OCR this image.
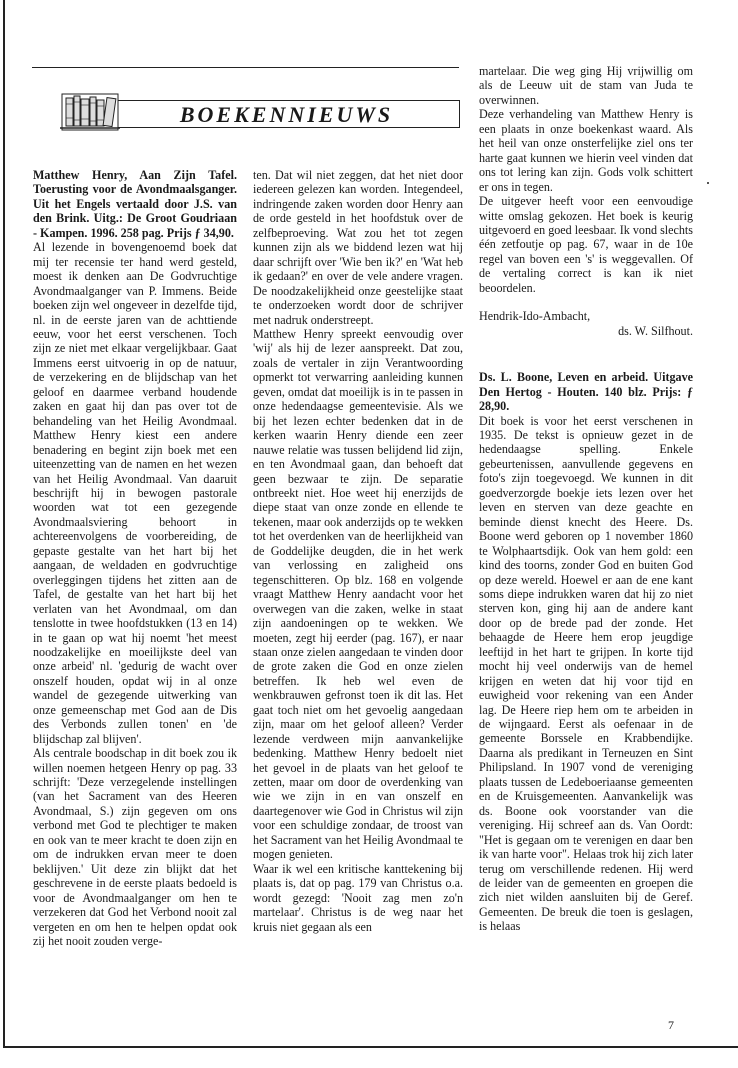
BOEKENNIEUWS

Matthew Henry, Aan Zijn Tafel. Toerusting voor de Avondmaalsganger. Uit het Engels vertaald door J.S. van den Brink. Uitg.: De Groot Goudriaan - Kampen. 1996. 258 pag. Prijs ƒ 34,90.

Al lezende in bovengenoemd boek dat mij ter recensie ter hand werd gesteld, moest ik denken aan De Godvruchtige Avondmaalganger van P. Immens. Beide boeken zijn wel ongeveer in dezelfde tijd, nl. in de eerste jaren van de achttiende eeuw, voor het eerst verschenen. Toch zijn ze niet met elkaar vergelijkbaar. Gaat Immens eerst uitvoerig in op de natuur, de verzekering en de blijdschap van het geloof en daarmee verband houdende zaken en gaat hij dan pas over tot de behandeling van het Heilig Avondmaal. Matthew Henry kiest een andere benadering en begint zijn boek met een uiteenzetting van de namen en het wezen van het Heilig Avondmaal. Van daaruit beschrijft hij in bewogen pastorale woorden wat tot een gezegende Avondmaalsviering behoort in achtereenvolgens de voorbereiding, de gepaste gestalte van het hart bij het aangaan, de weldaden en godvruchtige overleggingen tijdens het zitten aan de Tafel, de gestalte van het hart bij het verlaten van het Avondmaal, om dan tenslotte in twee hoofdstukken (13 en 14) in te gaan op wat hij noemt 'het meest noodzakelijke en moeilijkste deel van onze arbeid' nl. 'gedurig de wacht over onszelf houden, opdat wij in al onze wandel de gezegende uitwerking van onze gemeenschap met God aan de Dis des Verbonds zullen tonen' en 'de blijdschap zal blijven'.

Als centrale boodschap in dit boek zou ik willen noemen hetgeen Henry op pag. 33 schrijft: 'Deze verzegelende instellingen (van het Sacrament van des Heeren Avondmaal, S.) zijn gegeven om ons verbond met God te plechtiger te maken en ook van te meer kracht te doen zijn en om de indrukken ervan meer te doen beklijven.' Uit deze zin blijkt dat het geschrevene in de eerste plaats bedoeld is voor de Avondmaalganger om hen te verzekeren dat God het Verbond nooit zal vergeten en om hen te helpen opdat ook zij het nooit zouden verge-

ten. Dat wil niet zeggen, dat het niet door iedereen gelezen kan worden. Integendeel, indringende zaken worden door Henry aan de orde gesteld in het hoofdstuk over de zelfbeproeving. Wat zou het tot zegen kunnen zijn als we biddend lezen wat hij daar schrijft over 'Wie ben ik?' en 'Wat heb ik gedaan?' en over de vele andere vragen. De noodzakelijkheid onze geestelijke staat te onderzoeken wordt door de schrijver met nadruk onderstreept.

Matthew Henry spreekt eenvoudig over 'wij' als hij de lezer aanspreekt. Dat zou, zoals de vertaler in zijn Verantwoording opmerkt tot verwarring aanleiding kunnen geven, omdat dat moeilijk is in te passen in onze hedendaagse gemeentevisie. Als we bij het lezen echter bedenken dat in de kerken waarin Henry diende een zeer nauwe relatie was tussen belijdend lid zijn, en ten Avondmaal gaan, dan behoeft dat geen bezwaar te zijn. De separatie ontbreekt niet. Hoe weet hij enerzijds de diepe staat van onze zonde en ellende te tekenen, maar ook anderzijds op te wekken tot het overdenken van de heerlijkheid van de Goddelijke deugden, die in het werk van verlossing en zaligheid ons tegenschitteren. Op blz. 168 en volgende vraagt Matthew Henry aandacht voor het overwegen van die zaken, welke in staat zijn aandoeningen op te wekken. We moeten, zegt hij eerder (pag. 167), er naar staan onze zielen aangedaan te vinden door de grote zaken die God en onze zielen betreffen. Ik heb wel even de wenkbrauwen gefronst toen ik dit las. Het gaat toch niet om het gevoelig aangedaan zijn, maar om het geloof alleen? Verder lezende verdween mijn aanvankelijke bedenking. Matthew Henry bedoelt niet het gevoel in de plaats van het geloof te zetten, maar om door de overdenking van wie we zijn in en van onszelf en daartegenover wie God in Christus wil zijn voor een schuldige zondaar, de troost van het Sacrament van het Heilig Avondmaal te mogen genieten.

Waar ik wel een kritische kanttekening bij plaats is, dat op pag. 179 van Christus o.a. wordt gezegd: 'Nooit zag men zo'n martelaar'. Christus is de weg naar het kruis niet gegaan als een

martelaar. Die weg ging Hij vrijwillig om als de Leeuw uit de stam van Juda te overwinnen.

Deze verhandeling van Matthew Henry is een plaats in onze boekenkast waard. Als het heil van onze onsterfelijke ziel ons ter harte gaat kunnen we hierin veel vinden dat ons tot lering kan zijn. Gods volk schittert er ons in tegen.

De uitgever heeft voor een eenvoudige witte omslag gekozen. Het boek is keurig uitgevoerd en goed leesbaar. Ik vond slechts één zetfoutje op pag. 67, waar in de 10e regel van boven een 's' is weggevallen. Of de vertaling correct is kan ik niet beoordelen.

Hendrik-Ido-Ambacht,

ds. W. Silfhout.

Ds. L. Boone, Leven en arbeid. Uitgave Den Hertog - Houten. 140 blz. Prijs: ƒ 28,90.

Dit boek is voor het eerst verschenen in 1935. De tekst is opnieuw gezet in de hedendaagse spelling. Enkele gebeurtenissen, aanvullende gegevens en foto's zijn toegevoegd. We kunnen in dit goedverzorgde boekje iets lezen over het leven en sterven van deze geachte en beminde dienst knecht des Heere. Ds. Boone werd geboren op 1 november 1860 te Wolphaartsdijk. Ook van hem gold: een kind des toorns, zonder God en buiten God op deze wereld. Hoewel er aan de ene kant soms diepe indrukken waren dat hij zo niet sterven kon, ging hij aan de andere kant door op de brede pad der zonde. Het behaagde de Heere hem erop jeugdige leeftijd in het hart te grijpen. In korte tijd mocht hij veel onderwijs van de hemel krijgen en weten dat hij voor tijd en euwigheid voor rekening van een Ander lag. De Heere riep hem om te arbeiden in de wijngaard. Eerst als oefenaar in de gemeente Borssele en Krabbendijke. Daarna als predikant in Terneuzen en Sint Philipsland. In 1907 vond de vereniging plaats tussen de Ledeboeriaanse gemeenten en de Kruisgemeenten. Aanvankelijk was ds. Boone ook voorstander van die vereniging. Hij schreef aan ds. Van Oordt: "Het is gegaan om te verenigen en daar ben ik van harte voor". Helaas trok hij zich later terug om verschillende redenen. Hij werd de leider van de gemeenten en groepen die zich niet wilden aansluiten bij de Geref. Gemeenten. De breuk die toen is geslagen, is helaas

7
